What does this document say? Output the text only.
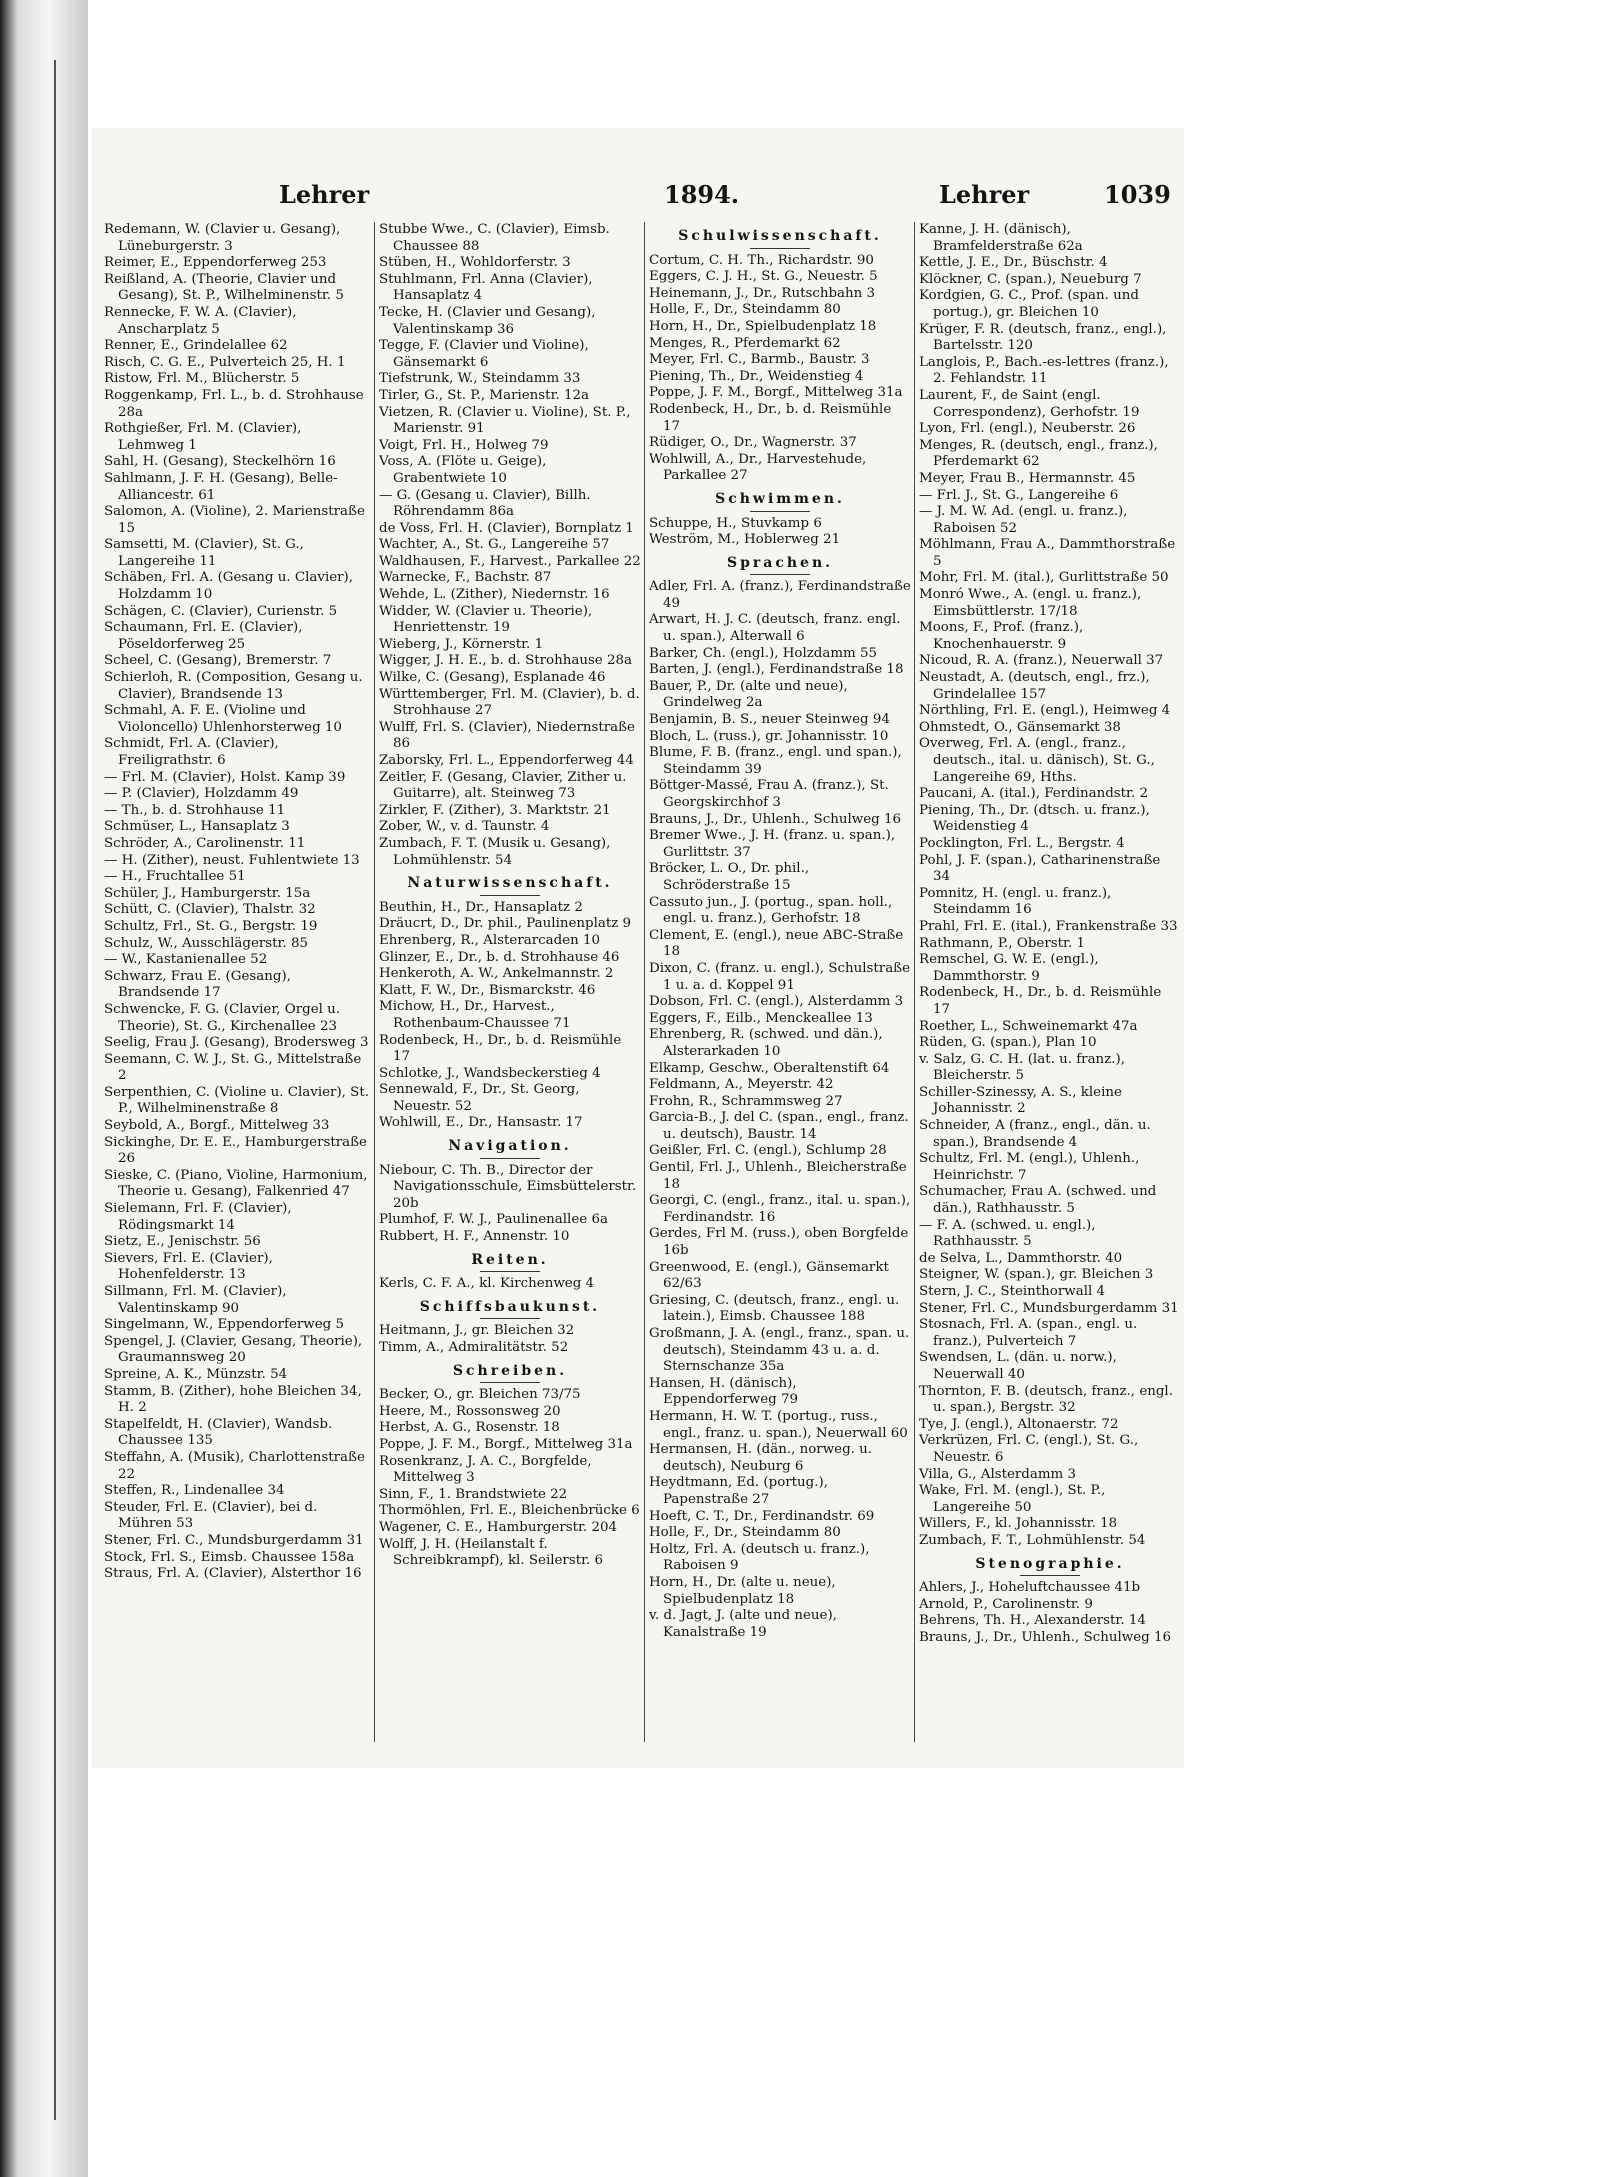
Lehrer	1894.	Lehrer	1039
Redemann, W. (Clavier u. Gesang), Lüneburgerstr. 3
Reimer, E., Eppendorferweg 253
Reißland, A. (Theorie, Clavier und Gesang), St. P., Wilhelminenstr. 5
Rennecke, F. W. A. (Clavier), Anscharplatz 5
Renner, E., Grindelallee 62
Risch, C. G. E., Pulverteich 25, H. 1
Ristow, Frl. M., Blücherstr. 5
Roggenkamp, Frl. L., b. d. Strohhause 28a
Rothgießer, Frl. M. (Clavier), Lehmweg 1
Sahl, H. (Gesang), Steckelhörn 16
Sahlmann, J. F. H. (Gesang), Belle-Alliancestr. 61
Salomon, A. (Violine), 2. Marienstraße 15
Samsetti, M. (Clavier), St. G., Langereihe 11
Schäben, Frl. A. (Gesang u. Clavier), Holzdamm 10
Schägen, C. (Clavier), Curienstr. 5
Schaumann, Frl. E. (Clavier), Pöseldorferweg 25
Scheel, C. (Gesang), Bremerstr. 7
Schierloh, R. (Composition, Gesang u. Clavier), Brandsende 13
Schmahl, A. F. E. (Violine und Violoncello) Uhlenhorsterweg 10
Schmidt, Frl. A. (Clavier), Freiligrathstr. 6
— Frl. M. (Clavier), Holst. Kamp 39
— P. (Clavier), Holzdamm 49
— Th., b. d. Strohhause 11
Schmüser, L., Hansaplatz 3
Schröder, A., Carolinenstr. 11
— H. (Zither), neust. Fuhlentwiete 13
— H., Fruchtallee 51
Schüler, J., Hamburgerstr. 15a
Schütt, C. (Clavier), Thalstr. 32
Schultz, Frl., St. G., Bergstr. 19
Schulz, W., Ausschlägerstr. 85
— W., Kastanienallee 52
Schwarz, Frau E. (Gesang), Brandsende 17
Schwencke, F. G. (Clavier, Orgel u. Theorie), St. G., Kirchenallee 23
Seelig, Frau J. (Gesang), Brodersweg 3
Seemann, C. W. J., St. G., Mittelstraße 2
Serpenthien, C. (Violine u. Clavier), St. P., Wilhelminenstraße 8
Seybold, A., Borgf., Mittelweg 33
Sickinghe, Dr. E. E., Hamburgerstraße 26
Sieske, C. (Piano, Violine, Harmonium, Theorie u. Gesang), Falkenried 47
Sielemann, Frl. F. (Clavier), Rödingsmarkt 14
Sietz, E., Jenischstr. 56
Sievers, Frl. E. (Clavier), Hohenfelderstr. 13
Sillmann, Frl. M. (Clavier), Valentinskamp 90
Singelmann, W., Eppendorferweg 5
Spengel, J. (Clavier, Gesang, Theorie), Graumannsweg 20
Spreine, A. K., Münzstr. 54
Stamm, B. (Zither), hohe Bleichen 34, H. 2
Stapelfeldt, H. (Clavier), Wandsb. Chaussee 135
Steffahn, A. (Musik), Charlottenstraße 22
Steffen, R., Lindenallee 34
Steuder, Frl. E. (Clavier), bei d. Mühren 53
Stener, Frl. C., Mundsburgerdamm 31
Stock, Frl. S., Eimsb. Chaussee 158a
Straus, Frl. A. (Clavier), Alsterthor 16
Stubbe Wwe., C. (Clavier), Eimsb. Chaussee 88
Stüben, H., Wohldorferstr. 3
Stuhlmann, Frl. Anna (Clavier), Hansaplatz 4
Tecke, H. (Clavier und Gesang), Valentinskamp 36
Tegge, F. (Clavier und Violine), Gänsemarkt 6
Tiefstrunk, W., Steindamm 33
Tirler, G., St. P., Marienstr. 12a
Vietzen, R. (Clavier u. Violine), St. P., Marienstr. 91
Voigt, Frl. H., Holweg 79
Voss, A. (Flöte u. Geige), Grabentwiete 10
— G. (Gesang u. Clavier), Billh. Röhrendamm 86a
de Voss, Frl. H. (Clavier), Bornplatz 1
Wachter, A., St. G., Langereihe 57
Waldhausen, F., Harvest., Parkallee 22
Warnecke, F., Bachstr. 87
Wehde, L. (Zither), Niedernstr. 16
Widder, W. (Clavier u. Theorie), Henriettenstr. 19
Wieberg, J., Körnerstr. 1
Wigger, J. H. E., b. d. Strohhause 28a
Wilke, C. (Gesang), Esplanade 46
Württemberger, Frl. M. (Clavier), b. d. Strohhause 27
Wulff, Frl. S. (Clavier), Niedernstraße 86
Zaborsky, Frl. L., Eppendorferweg 44
Zeitler, F. (Gesang, Clavier, Zither u. Guitarre), alt. Steinweg 73
Zirkler, F. (Zither), 3. Marktstr. 21
Zober, W., v. d. Taunstr. 4
Zumbach, F. T. (Musik u. Gesang), Lohmühlenstr. 54
Naturwissenschaft.
Beuthin, H., Dr., Hansaplatz 2
Dräucrt, D., Dr. phil., Paulinenplatz 9
Ehrenberg, R., Alsterarcaden 10
Glinzer, E., Dr., b. d. Strohhause 46
Henkeroth, A. W., Ankelmannstr. 2
Klatt, F. W., Dr., Bismarckstr. 46
Michow, H., Dr., Harvest., Rothenbaum-Chaussee 71
Rodenbeck, H., Dr., b. d. Reismühle 17
Schlotke, J., Wandsbeckerstieg 4
Sennewald, F., Dr., St. Georg, Neuestr. 52
Wohlwill, E., Dr., Hansastr. 17
Navigation.
Niebour, C. Th. B., Director der Navigationsschule, Eimsbüttelerstr. 20b
Plumhof, F. W. J., Paulinenallee 6a
Rubbert, H. F., Annenstr. 10
Reiten.
Kerls, C. F. A., kl. Kirchenweg 4
Schiffsbaukunst.
Heitmann, J., gr. Bleichen 32
Timm, A., Admiralitätstr. 52
Schreiben.
Becker, O., gr. Bleichen 73/75
Heere, M., Rossonsweg 20
Herbst, A. G., Rosenstr. 18
Poppe, J. F. M., Borgf., Mittelweg 31a
Rosenkranz, J. A. C., Borgfelde, Mittelweg 3
Sinn, F., 1. Brandstwiete 22
Thormöhlen, Frl. E., Bleichenbrücke 6
Wagener, C. E., Hamburgerstr. 204
Wolff, J. H. (Heilanstalt f. Schreibkrampf), kl. Seilerstr. 6
Schulwissenschaft.
Cortum, C. H. Th., Richardstr. 90
Eggers, C. J. H., St. G., Neuestr. 5
Heinemann, J., Dr., Rutschbahn 3
Holle, F., Dr., Steindamm 80
Horn, H., Dr., Spielbudenplatz 18
Menges, R., Pferdemarkt 62
Meyer, Frl. C., Barmb., Baustr. 3
Piening, Th., Dr., Weidenstieg 4
Poppe, J. F. M., Borgf., Mittelweg 31a
Rodenbeck, H., Dr., b. d. Reismühle 17
Rüdiger, O., Dr., Wagnerstr. 37
Wohlwill, A., Dr., Harvestehude, Parkallee 27
Schwimmen.
Schuppe, H., Stuvkamp 6
Weström, M., Hoblerweg 21
Sprachen.
Adler, Frl. A. (franz.), Ferdinandstraße 49
Arwart, H. J. C. (deutsch, franz. engl. u. span.), Alterwall 6
Barker, Ch. (engl.), Holzdamm 55
Barten, J. (engl.), Ferdinandstraße 18
Bauer, P., Dr. (alte und neue), Grindelweg 2a
Benjamin, B. S., neuer Steinweg 94
Bloch, L. (russ.), gr. Johannisstr. 10
Blume, F. B. (franz., engl. und span.), Steindamm 39
Böttger-Massé, Frau A. (franz.), St. Georgskirchhof 3
Brauns, J., Dr., Uhlenh., Schulweg 16
Bremer Wwe., J. H. (franz. u. span.), Gurlittstr. 37
Bröcker, L. O., Dr. phil., Schröderstraße 15
Cassuto jun., J. (portug., span. holl., engl. u. franz.), Gerhofstr. 18
Clement, E. (engl.), neue ABC-Straße 18
Dixon, C. (franz. u. engl.), Schulstraße 1 u. a. d. Koppel 91
Dobson, Frl. C. (engl.), Alsterdamm 3
Eggers, F., Eilb., Menckeallee 13
Ehrenberg, R. (schwed. und dän.), Alsterarkaden 10
Elkamp, Geschw., Oberaltenstift 64
Feldmann, A., Meyerstr. 42
Frohn, R., Schrammsweg 27
Garcia-B., J. del C. (span., engl., franz. u. deutsch), Baustr. 14
Geißler, Frl. C. (engl.), Schlump 28
Gentil, Frl. J., Uhlenh., Bleicherstraße 18
Georgi, C. (engl., franz., ital. u. span.), Ferdinandstr. 16
Gerdes, Frl M. (russ.), oben Borgfelde 16b
Greenwood, E. (engl.), Gänsemarkt 62/63
Griesing, C. (deutsch, franz., engl. u. latein.), Eimsb. Chaussee 188
Großmann, J. A. (engl., franz., span. u. deutsch), Steindamm 43 u. a. d. Sternschanze 35a
Hansen, H. (dänisch), Eppendorferweg 79
Hermann, H. W. T. (portug., russ., engl., franz. u. span.), Neuerwall 60
Hermansen, H. (dän., norweg. u. deutsch), Neuburg 6
Heydtmann, Ed. (portug.), Papenstraße 27
Hoeft, C. T., Dr., Ferdinandstr. 69
Holle, F., Dr., Steindamm 80
Holtz, Frl. A. (deutsch u. franz.), Raboisen 9
Horn, H., Dr. (alte u. neue), Spielbudenplatz 18
v. d. Jagt, J. (alte und neue), Kanalstraße 19
Kanne, J. H. (dänisch), Bramfelderstraße 62a
Kettle, J. E., Dr., Büschstr. 4
Klöckner, C. (span.), Neueburg 7
Kordgien, G. C., Prof. (span. und portug.), gr. Bleichen 10
Krüger, F. R. (deutsch, franz., engl.), Bartelsstr. 120
Langlois, P., Bach.-es-lettres (franz.), 2. Fehlandstr. 11
Laurent, F., de Saint (engl. Correspondenz), Gerhofstr. 19
Lyon, Frl. (engl.), Neuberstr. 26
Menges, R. (deutsch, engl., franz.), Pferdemarkt 62
Meyer, Frau B., Hermannstr. 45
— Frl. J., St. G., Langereihe 6
— J. M. W. Ad. (engl. u. franz.), Raboisen 52
Möhlmann, Frau A., Dammthorstraße 5
Mohr, Frl. M. (ital.), Gurlittstraße 50
Monró Wwe., A. (engl. u. franz.), Eimsbüttlerstr. 17/18
Moons, F., Prof. (franz.), Knochenhauerstr. 9
Nicoud, R. A. (franz.), Neuerwall 37
Neustadt, A. (deutsch, engl., frz.), Grindelallee 157
Nörthling, Frl. E. (engl.), Heimweg 4
Ohmstedt, O., Gänsemarkt 38
Overweg, Frl. A. (engl., franz., deutsch., ital. u. dänisch), St. G., Langereihe 69, Hths.
Paucani, A. (ital.), Ferdinandstr. 2
Piening, Th., Dr. (dtsch. u. franz.), Weidenstieg 4
Pocklington, Frl. L., Bergstr. 4
Pohl, J. F. (span.), Catharinenstraße 34
Pomnitz, H. (engl. u. franz.), Steindamm 16
Prahl, Frl. E. (ital.), Frankenstraße 33
Rathmann, P., Oberstr. 1
Remschel, G. W. E. (engl.), Dammthorstr. 9
Rodenbeck, H., Dr., b. d. Reismühle 17
Roether, L., Schweinemarkt 47a
Rüden, G. (span.), Plan 10
v. Salz, G. C. H. (lat. u. franz.), Bleicherstr. 5
Schiller-Szinessy, A. S., kleine Johannisstr. 2
Schneider, A (franz., engl., dän. u. span.), Brandsende 4
Schultz, Frl. M. (engl.), Uhlenh., Heinrichstr. 7
Schumacher, Frau A. (schwed. und dän.), Rathhausstr. 5
— F. A. (schwed. u. engl.), Rathhausstr. 5
de Selva, L., Dammthorstr. 40
Steigner, W. (span.), gr. Bleichen 3
Stern, J. C., Steinthorwall 4
Stener, Frl. C., Mundsburgerdamm 31
Stosnach, Frl. A. (span., engl. u. franz.), Pulverteich 7
Swendsen, L. (dän. u. norw.), Neuerwall 40
Thornton, F. B. (deutsch, franz., engl. u. span.), Bergstr. 32
Tye, J. (engl.), Altonaerstr. 72
Verkrüzen, Frl. C. (engl.), St. G., Neuestr. 6
Villa, G., Alsterdamm 3
Wake, Frl. M. (engl.), St. P., Langereihe 50
Willers, F., kl. Johannisstr. 18
Zumbach, F. T., Lohmühlenstr. 54
Stenographie.
Ahlers, J., Hoheluftchaussee 41b
Arnold, P., Carolinenstr. 9
Behrens, Th. H., Alexanderstr. 14
Brauns, J., Dr., Uhlenh., Schulweg 16
